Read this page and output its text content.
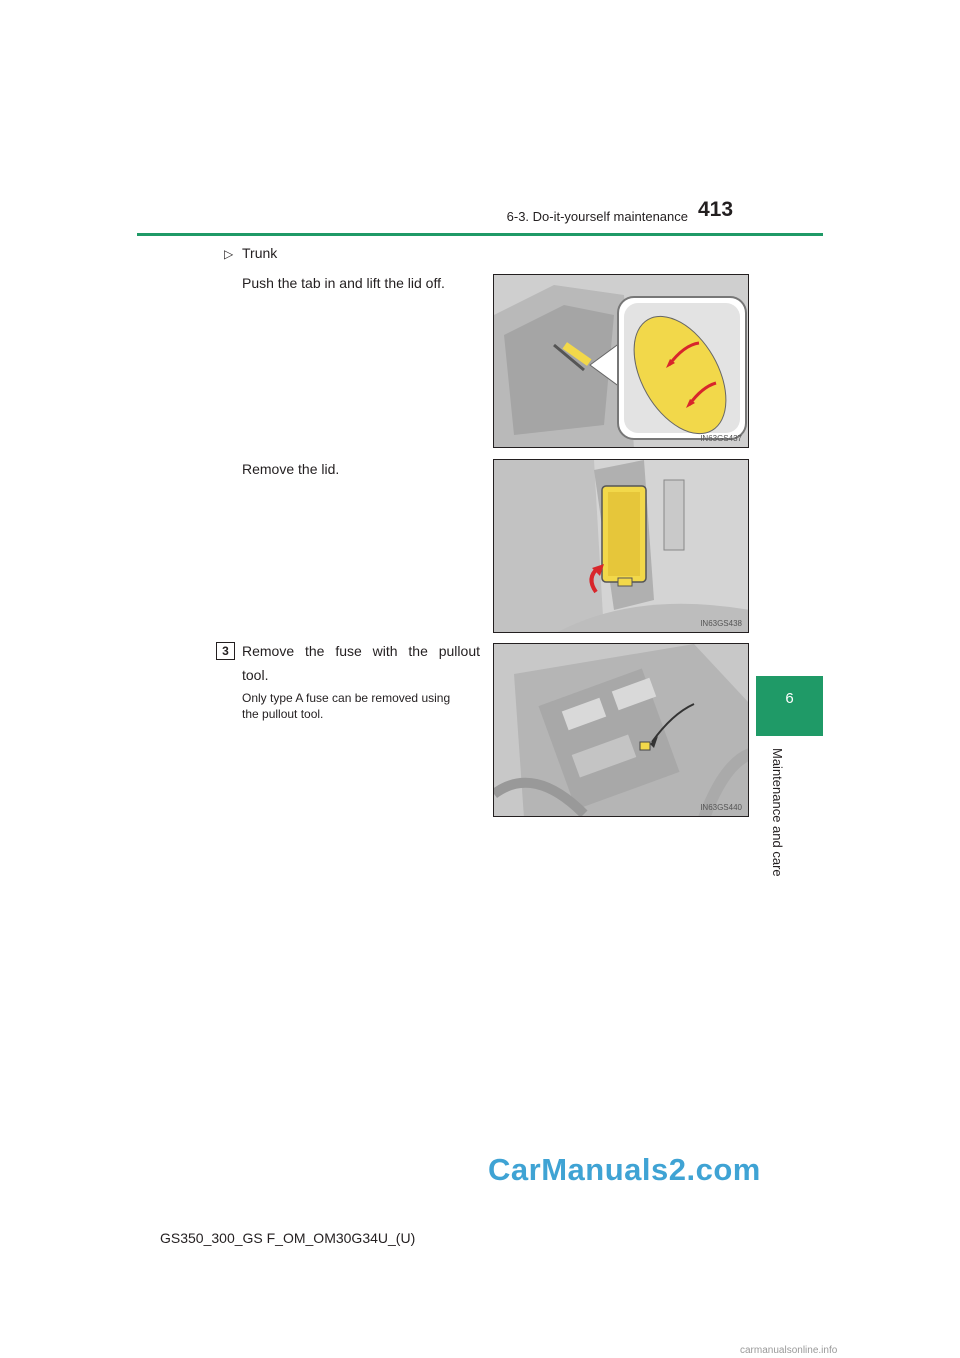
6-3. Do-it-yourself maintenance 413
6
Maintenance and care
▷ Trunk
Push the tab in and lift the lid off.
IN63GS437
Remove the lid.
IN63GS438
3 Remove the fuse with the pullout
tool.
Only type A fuse can be removed using
the pullout tool.
IN63GS440
GS350_300_GS F_OM_OM30G34U_(U)
CarManuals2.com
carmanualsonline.info
